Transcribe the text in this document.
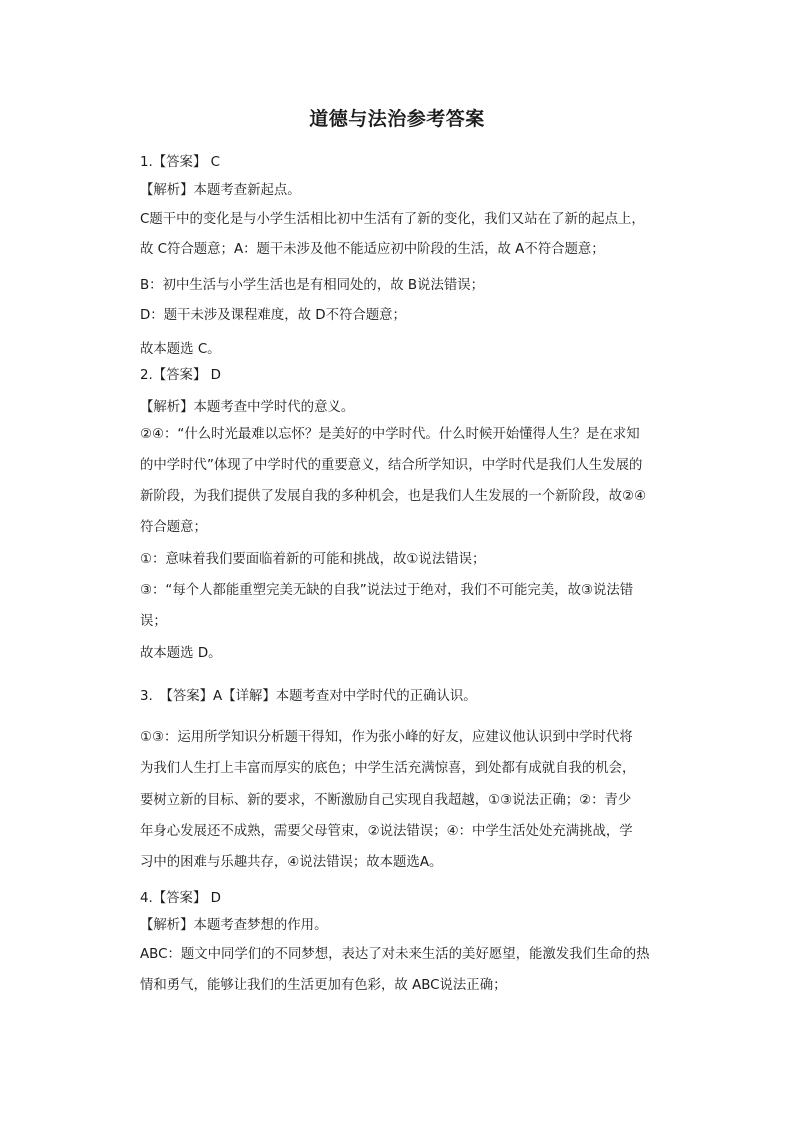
道德与法治参考答案
1.【答案】 C
【解析】本题考查新起点。
C题干中的变化是与小学生活相比初中生活有了新的变化，我们又站在了新的起点上，
故 C符合题意；A：题干未涉及他不能适应初中阶段的生活，故 A不符合题意；
B：初中生活与小学生活也是有相同处的，故 B说法错误；
D：题干未涉及课程难度，故 D不符合题意；
故本题选 C。
2.【答案】 D
【解析】本题考查中学时代的意义。
②④：“什么时光最难以忘怀？是美好的中学时代。什么时候开始懂得人生？是在求知
的中学时代”体现了中学时代的重要意义，结合所学知识，中学时代是我们人生发展的
新阶段，为我们提供了发展自我的多种机会，也是我们人生发展的一个新阶段，故②④
符合题意；
①：意味着我们要面临着新的可能和挑战，故①说法错误；
③：“每个人都能重塑完美无缺的自我”说法过于绝对，我们不可能完美，故③说法错
误；
故本题选 D。
3.　【答案】A【详解】本题考查对中学时代的正确认识。
①③：运用所学知识分析题干得知，作为张小峰的好友，应建议他认识到中学时代将
为我们人生打上丰富而厚实的底色；中学生活充满惊喜，到处都有成就自我的机会，
要树立新的目标、新的要求，不断激励自己实现自我超越，①③说法正确；②：青少
年身心发展还不成熟，需要父母管束，②说法错误；④：中学生活处处充满挑战，学
习中的困难与乐趣共存，④说法错误；故本题选A。
4.【答案】 D
【解析】本题考查梦想的作用。
ABC：题文中同学们的不同梦想，表达了对未来生活的美好愿望，能激发我们生命的热
情和勇气，能够让我们的生活更加有色彩，故 ABC说法正确；
